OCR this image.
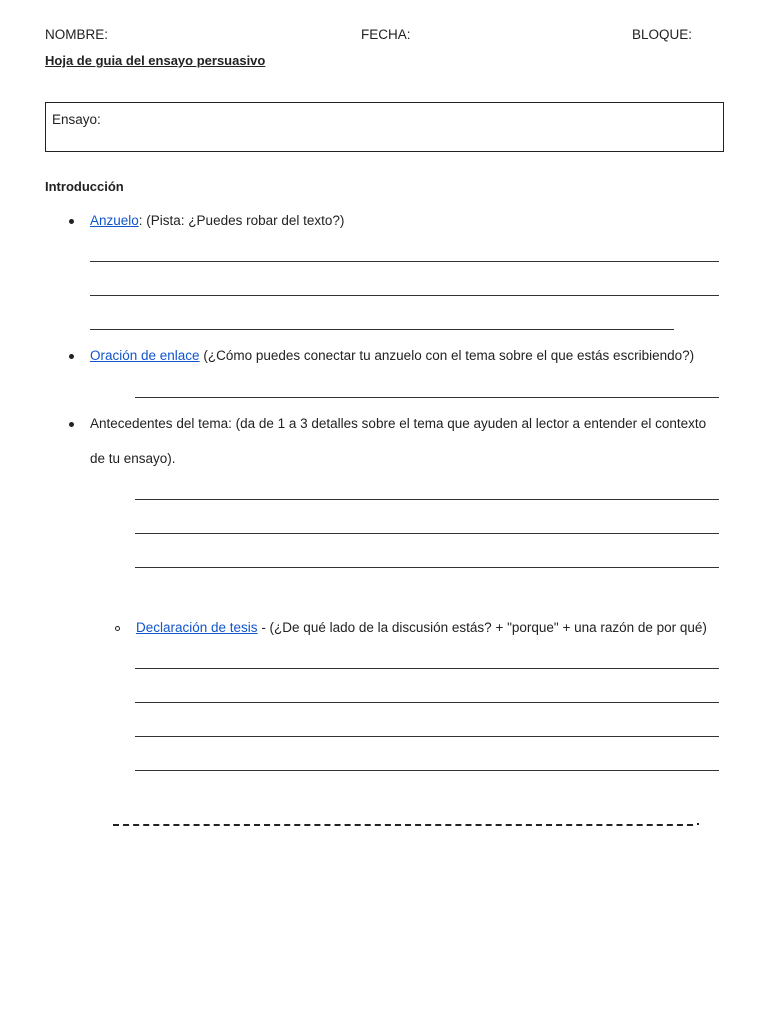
NOMBRE:	FECHA:	BLOQUE:
Hoja de guia del ensayo persuasivo
Ensayo:
Introducción
Anzuelo: (Pista: ¿Puedes robar del texto?)
Oración de enlace (¿Cómo puedes conectar tu anzuelo con el tema sobre el que estás escribiendo?)
Antecedentes del tema: (da de 1 a 3 detalles sobre el tema que ayuden al lector a entender el contexto
de tu ensayo).
Declaración de tesis - (¿De qué lado de la discusión estás? + "porque" + una razón de por qué)
